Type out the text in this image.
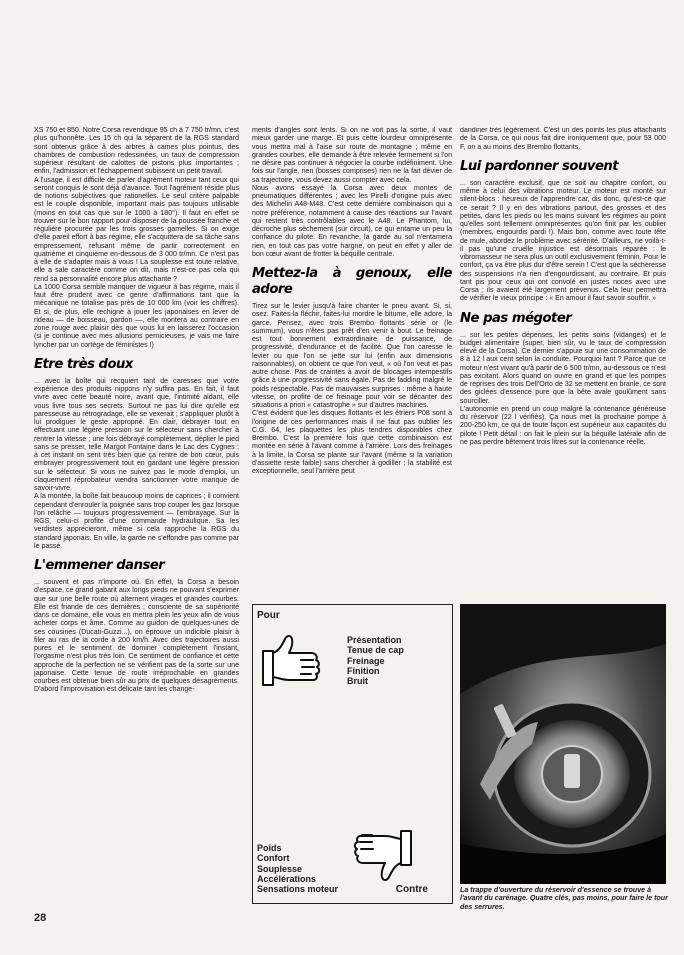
XS 750 et 850. Notre Corsa revendique 95 ch à 7 750 tr/mn, c'est plus qu'honnête. Les 15 ch qui la séparent de la RGS standard sont obtenus grâce à des arbres à cames plus pointus, des chambres de combustion redessinées, un taux de compression supérieur résultant de calottes de pistons plus importantes ; enfin, l'admission et l'échappement subissent un petit travail.

A l'usage, il est difficile de parler d'agrément moteur tant ceux qui seront conquis le sont déjà d'avance. Tout l'agrément réside plus de notions subjectives que rationelles. Le seul critère palpable est le couple disponible, important mais pas toujours utilisable (moins en tout cas que sur le 1000 à 180°). Il faut en effet se trouver sur le bon rapport pour disposer de la poussée franche et régulière procurée par les trois grosses gamelles. Si on exige d'elle pareil effort à bas régime, elle s'acquittera de sa tâche sans empressement, refusant même de partir correctement en quatrième et cinquième en-dessous de 3 000 tr/mn. Ce n'est pas à elle de s'adapter mais à vous ! La souplesse est toute relative, elle a sale caractère comme on dit, mais n'est-ce pas cela qui rend sa personnalité encore plus attachante ?

La 1000 Corsa semble manquer de vigueur à bas régime, mais il faut être prudent avec ce genre d'affirmations tant que la mécanique ne totalise pas près de 10 000 km (voir les chiffres). Et si, de plus, elle rechigne à jouer les japonaises en lever de rideau — de boisseau, pardon —, elle montera au contraire en zone rouge avec plaisir dès que vous lui en laisserez l'occasion (si je continue avec mes allusions pernicieuses, je vais me faire lyncher par un cortège de féministes !)

Etre très doux

... avec la boîte qui recquiert tant de caresses que votre expérience des produits nippons n'y suffira pas. En fait, il faut vivre avec cette beauté noire, avant que, l'intimité aidant, elle vous livre tous ses secrets. Surtout ne pas lui dire qu'elle est paresseuse au rétrogradage, elle se vexerait ; s'appliquer plutôt à lui prodiguer le geste approprié. En clair, débrayer tout en effectuant une légère pression sur le sélecteur sans chercher à rentrer la vitesse ; une fois débrayé complètement, déplier le pied sans se presser, telle Margot Fontaine dans le Lac des Cygnes ; à cet instant on sent très bien que ça rentre de bon cœur, puis embrayer progressivement tout en gardant une légère pression sur le sélecteur. Si vous ne suivez pas le mode d'emploi, un claquement réprobateur viendra sanctionner votre manque de savoir-vivre.

A la montée, la boîte fait beaucoup moins de caprices ; il convient cependant d'enrouler la poignée sans trop couper les gaz lorsque l'on relâche — toujours progressivement — l'embrayage. Sur la RGS, celui-ci profite d'une commande hydraulique. Sa les verdistes apprécieront, même si cela rapproche la RGS du standard japonais. En ville, la garde ne s'effondre pas comme par le passé.

L'emmener danser

... souvent et pas n'importe où. En effet, la Corsa a besoin d'espace, ce grand gabarit aux longs pieds ne pouvant s'exprimer que sur une belle route où alternent virages et grandes courbes. Elle est friande de ces dernières ; consciente de sa supériorité dans ce domaine, elle vous en mettra plein les yeux afin de vous acheter corps et âme. Comme au guidon de quelques-unes de ses cousines (Ducati-Guzzi...), on éprouve un indicible plaisir à filer au ras de la corde à 200 km/h. Avec des trajectoires aussi pures et le sentiment de dominer complètement l'instant, l'orgasme n'est plus très loin. Ce sentiment de confiance et cette approche de la perfection ne se vérifient pas de la sorte sur une japonaise. Cette tenue de route irréprochable en grandes courbes est obtenue bien sûr au prix de quelques désagréments. D'abord l'improvisation est délicate tant les change-

ments d'angles sont lents. Si on ne voit pas la sortie, il vaut mieux garder une marge. Et puis cette lourdeur omniprésente vous mettra mal à l'aise sur route de montagne ; même en grandes courbes, elle demande à être relevée fermement si l'on ne désire pas continuer à négocier la courbe indéfiniment. Une fois sur l'angle, rien (bosses comprises) rien ne la fait dévier de sa trajectoire, vous devez aussi compter avec cela.

Nous avons essayé la Corsa avec deux montes de pneumatiques différentes ; avec les Pirelli d'origine puis avec des Michelin A48-M48. C'est cette dernière combinaison qui a notre préférence, notamment à cause des réactions sur l'avant qui restent très contrôlables avec le A48. Le Phantom, lui, décroche plus sèchement (sur circuit), ce qui entame un peu la confiance du pilote. En revanche, la garde au sol n'entamera rien, en tout cas pas votre hargne, on peut en effet y aller de bon cœur avant de frotter la béquille centrale.

Mettez-la à genoux, elle adore

Tirez sur le levier jusqu'à faire chanter le pneu avant. Si, si, osez. Faites-la fléchir, faites-lui mordre le bitume, elle adore, la garce. Pensez, avec trois Brembo flottants série or (le summum), vous n'êtes pas prêt d'en venir à bout. Le freinage est tout bonnement extraordinaire de puissance, de progressivité, d'endurance et de facilité. Que l'on caresse le levier ou que l'on se jette sur lui (enfin aux dimensions raisonnables), on obtient ce que l'on veut, « où l'on veut et pas autre chose. Pas de craintes à avoir de blocages intempestifs grâce à une progressivité sans égale. Pas de fadding malgré le poids respectable. Pas de mauvaises surprises : même à haute vitesse, on profite de ce freinage pour voir se décanter des situations a priori « catastrophe » sur d'autres machines.

C'est évident que les disques flottants et les étriers P08 sont à l'origine de ces performances mais il ne faut pas oublier les C.G. 64, les plaquettes les plus tendres disponibles chez Brembo. C'est la première fois que cette combinaison est montée en série à l'avant comme à l'arrière. Lors des freinages à la limite, la Corsa se plante sur l'avant (même si la variation d'assiette reste faible) sans chercher à godiller ; la stabilité est exceptionnelle, seul l'arrière peut

dandiner très légèrement. C'est un des points les plus attachants de la Corsa, ce qui nous fait dire ironiquement que, pour 53 000 F, on a au moins des Brembo flottants.

Lui pardonner souvent

... son caractère exclusif, que ce soit au chapitre confort, ou même à celui des vibrations moteur. Le moteur est monté sur silent-blocs : heureux de l'apprendre car, dis donc, qu'est-ce que ce serait ? Il y en des vibrations partout, des grosses et des petites, dans les pieds ou les mains suivant les régimes au point qu'elles sont tellement omniprésentes qu'on finit par les oublier (membres, engourdis pardi !). Mais bon, comme avec toute tête de mule, abordez le problème avec sérénité. D'ailleurs, ne voilà-t-il pas qu'une cruelle injustice est désormais réparée : le vibromasseur ne sera plus un outil exclusivement féminin. Pour le confort, ça va être plus dur d'être serein ! C'est que la sécheresse des suspensions n'a rien d'engourdissant, au contraire. Et puis tant pis pour ceux qui ont convolé en justes noces avec une Corsa ; ils avaient été largement prévenus. Cela leur permettra de vérifier le vieux principe : « En amour il faut savoir souffrir. »

Ne pas mégoter

... sur les petites dépenses, les petits soins (vidanges) et le budget alimentaire (super, bien sûr, vu le taux de compression élevé de la Corsa). Ce dernier s'appuie sur une consommation de 8 à 12 l aux cent selon la conduite. Pourquoi tant ? Parce que ce moteur n'est vivant qu'à partir de 6 500 tr/mn, au-dessous ce n'est pas excitant. Alors quand on ouvre en grand et que les pompes de reprises des trois Dell'Orto de 32 se mettent en branle, ce sont des giclées d'essence pure que la bête avale goulûment sans sourciller.

L'autonomie en prend un coup malgré la contenance généreuse du réservoir (22 l vérifiés). Ça nous met la prochaine pompe à 200-250 km, ce qui de toute façon est supérieur aux capacités du pilote ! Petit détail : on fait le plein sur la béquille latérale afin de ne pas perdre bêtement trois litres sur la contenance réelle.

Pour
Présentation
Tenue de cap
Freinage
Finition
Bruit
Poids
Confort
Souplesse
Accélérations
Sensations moteur	Contre	La trappe d'ouverture du réservoir d'essence se trouve à l'avant du carénage. Quatre clés, pas moins, pour faire le tour des serrures.
28
